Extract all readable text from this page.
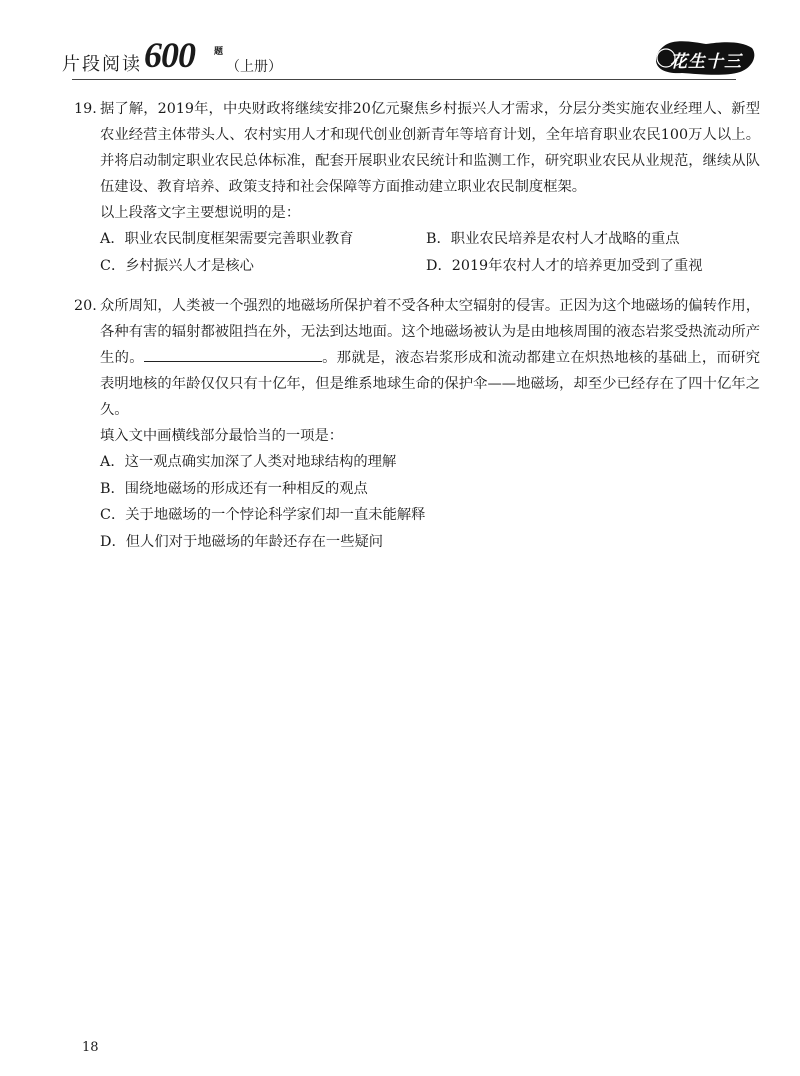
片段阅读 600 题
（上册）	花生十三
19. 据了解，2019年，中央财政将继续安排20亿元聚焦乡村振兴人才需求，分层分类实施农业经理人、新型农业经营主体带头人、农村实用人才和现代创业创新青年等培育计划，全年培育职业农民100万人以上。并将启动制定职业农民总体标准，配套开展职业农民统计和监测工作，研究职业农民从业规范，继续从队伍建设、教育培养、政策支持和社会保障等方面推动建立职业农民制度框架。
以上段落文字主要想说明的是：
A．职业农民制度框架需要完善职业教育	B．职业农民培养是农村人才战略的重点
C．乡村振兴人才是核心	D．2019年农村人才的培养更加受到了重视
20. 众所周知，人类被一个强烈的地磁场所保护着不受各种太空辐射的侵害。正因为这个地磁场的偏转作用，各种有害的辐射都被阻挡在外，无法到达地面。这个地磁场被认为是由地核周围的液态岩浆受热流动所产生的。	。那就是，液态岩浆形成和流动都建立在炽热地核的基础上，而研究表明地核的年龄仅仅只有十亿年，但是维系地球生命的保护伞——地磁场，却至少已经存在了四十亿年之久。
填入文中画横线部分最恰当的一项是：
A．这一观点确实加深了人类对地球结构的理解
B．围绕地磁场的形成还有一种相反的观点
C．关于地磁场的一个悖论科学家们却一直未能解释
D．但人们对于地磁场的年龄还存在一些疑问
18
